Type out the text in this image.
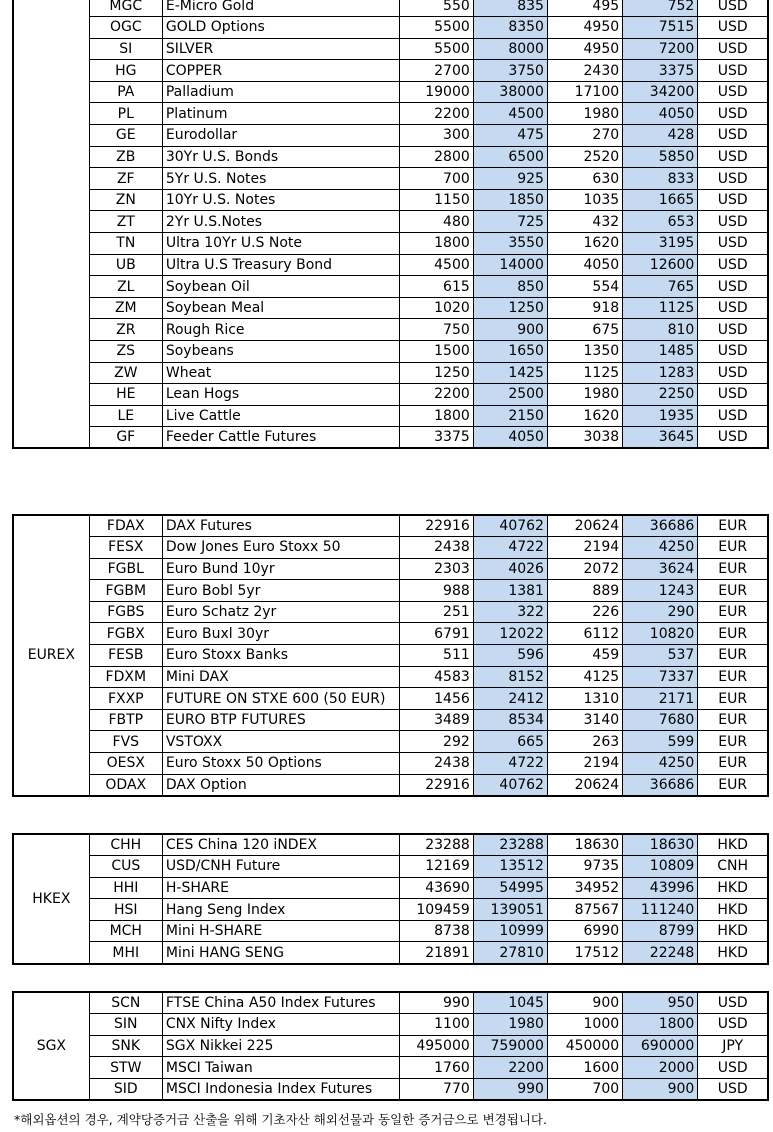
	MGC	E-Micro Gold	550	835	495	752	USD
	OGC	GOLD Options	5500	8350	4950	7515	USD
	SI	SILVER	5500	8000	4950	7200	USD
	HG	COPPER	2700	3750	2430	3375	USD
	PA	Palladium	19000	38000	17100	34200	USD
	PL	Platinum	2200	4500	1980	4050	USD
	GE	Eurodollar	300	475	270	428	USD
	ZB	30Yr U.S. Bonds	2800	6500	2520	5850	USD
	ZF	5Yr U.S. Notes	700	925	630	833	USD
	ZN	10Yr U.S. Notes	1150	1850	1035	1665	USD
	ZT	2Yr U.S.Notes	480	725	432	653	USD
	TN	Ultra 10Yr U.S Note	1800	3550	1620	3195	USD
	UB	Ultra U.S Treasury Bond	4500	14000	4050	12600	USD
	ZL	Soybean Oil	615	850	554	765	USD
	ZM	Soybean Meal	1020	1250	918	1125	USD
	ZR	Rough Rice	750	900	675	810	USD
	ZS	Soybeans	1500	1650	1350	1485	USD
	ZW	Wheat	1250	1425	1125	1283	USD
	HE	Lean Hogs	2200	2500	1980	2250	USD
	LE	Live Cattle	1800	2150	1620	1935	USD
	GF	Feeder Cattle Futures	3375	4050	3038	3645	USD
EUREX	FDAX	DAX Futures	22916	40762	20624	36686	EUR
	FESX	Dow Jones Euro Stoxx 50	2438	4722	2194	4250	EUR
	FGBL	Euro Bund 10yr	2303	4026	2072	3624	EUR
	FGBM	Euro Bobl 5yr	988	1381	889	1243	EUR
	FGBS	Euro Schatz 2yr	251	322	226	290	EUR
	FGBX	Euro Buxl 30yr	6791	12022	6112	10820	EUR
	FESB	Euro Stoxx Banks	511	596	459	537	EUR
	FDXM	Mini DAX	4583	8152	4125	7337	EUR
	FXXP	FUTURE ON STXE 600 (50 EUR)	1456	2412	1310	2171	EUR
	FBTP	EURO BTP FUTURES	3489	8534	3140	7680	EUR
	FVS	VSTOXX	292	665	263	599	EUR
	OESX	Euro Stoxx 50 Options	2438	4722	2194	4250	EUR
	ODAX	DAX Option	22916	40762	20624	36686	EUR
HKEX	CHH	CES China 120 iNDEX	23288	23288	18630	18630	HKD
	CUS	USD/CNH Future	12169	13512	9735	10809	CNH
	HHI	H-SHARE	43690	54995	34952	43996	HKD
	HSI	Hang Seng Index	109459	139051	87567	111240	HKD
	MCH	Mini H-SHARE	8738	10999	6990	8799	HKD
	MHI	Mini HANG SENG	21891	27810	17512	22248	HKD
SGX	SCN	FTSE China A50 Index Futures	990	1045	900	950	USD
	SIN	CNX Nifty Index	1100	1980	1000	1800	USD
	SNK	SGX Nikkei 225	495000	759000	450000	690000	JPY
	STW	MSCI Taiwan	1760	2200	1600	2000	USD
	SID	MSCI Indonesia Index Futures	770	990	700	900	USD
*해외옵션의 경우, 계약당증거금 산출을 위해 기초자산 해외선물과 동일한 증거금으로 변경됩니다.
